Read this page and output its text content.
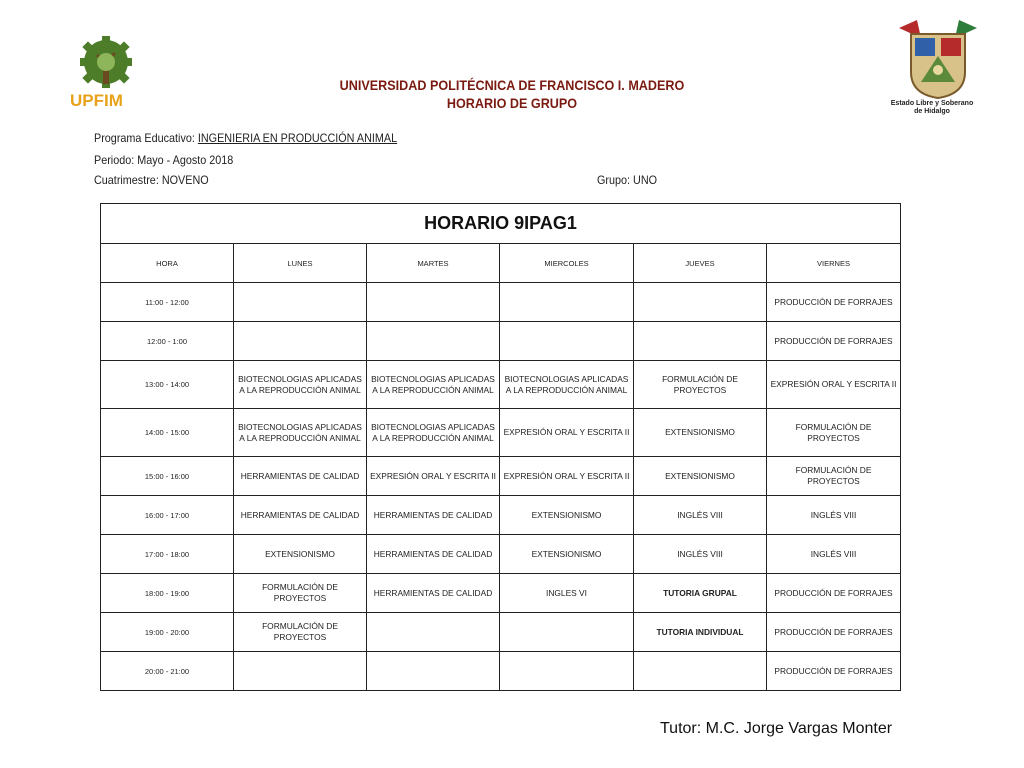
UPFIM	Estado Libre y Soberano
de Hidalgo
UNIVERSIDAD POLITÉCNICA DE FRANCISCO I. MADERO
HORARIO DE GRUPO
Programa Educativo: INGENIERIA EN PRODUCCIÓN ANIMAL
Periodo: Mayo - Agosto 2018
Cuatrimestre: NOVENO	Grupo: UNO
HORARIO 9IPAG1					
HORA	LUNES	MARTES	MIERCOLES	JUEVES	VIERNES
11:00 - 12:00					PRODUCCIÓN DE FORRAJES
12:00 - 1:00					PRODUCCIÓN DE FORRAJES
13:00 - 14:00	BIOTECNOLOGIAS APLICADAS A LA REPRODUCCIÓN ANIMAL	BIOTECNOLOGIAS APLICADAS A LA REPRODUCCIÓN ANIMAL	BIOTECNOLOGIAS APLICADAS A LA REPRODUCCIÓN ANIMAL	FORMULACIÓN DE PROYECTOS	EXPRESIÓN ORAL Y ESCRITA II
14:00 - 15:00	BIOTECNOLOGIAS APLICADAS A LA REPRODUCCIÓN ANIMAL	BIOTECNOLOGIAS APLICADAS A LA REPRODUCCIÓN ANIMAL	EXPRESIÓN ORAL Y ESCRITA II	EXTENSIONISMO	FORMULACIÓN DE PROYECTOS
15:00 - 16:00	HERRAMIENTAS DE CALIDAD	EXPRESIÓN ORAL Y ESCRITA II	EXPRESIÓN ORAL Y ESCRITA II	EXTENSIONISMO	FORMULACIÓN DE PROYECTOS
16:00 - 17:00	HERRAMIENTAS DE CALIDAD	HERRAMIENTAS DE CALIDAD	EXTENSIONISMO	INGLÉS VIII	INGLÉS VIII
17:00 - 18:00	EXTENSIONISMO	HERRAMIENTAS DE CALIDAD	EXTENSIONISMO	INGLÉS VIII	INGLÉS VIII
18:00 - 19:00	FORMULACIÓN DE PROYECTOS	HERRAMIENTAS DE CALIDAD	INGLES VI	TUTORIA GRUPAL	PRODUCCIÓN DE FORRAJES
19:00 - 20:00	FORMULACIÓN DE PROYECTOS			TUTORIA INDIVIDUAL	PRODUCCIÓN DE FORRAJES
20:00 - 21:00					PRODUCCIÓN DE FORRAJES
Tutor: M.C. Jorge Vargas Monter
